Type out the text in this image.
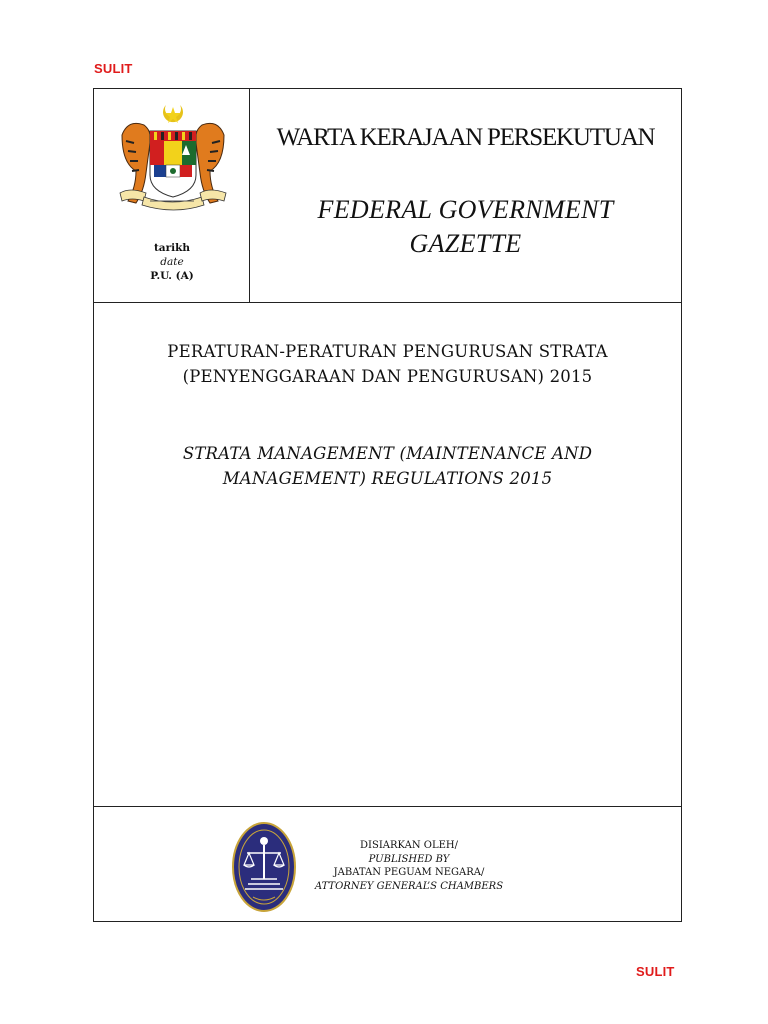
SULIT
tarikh
date
P.U. (A)
WARTA KERAJAAN PERSEKUTUAN
FEDERAL GOVERNMENT
GAZETTE
PERATURAN-PERATURAN PENGURUSAN STRATA
(PENYENGGARAAN DAN PENGURUSAN) 2015
STRATA MANAGEMENT (MAINTENANCE AND
MANAGEMENT) REGULATIONS 2015
DISIARKAN OLEH/
PUBLISHED BY
JABATAN PEGUAM NEGARA/
ATTORNEY GENERAL’S CHAMBERS
SULIT
